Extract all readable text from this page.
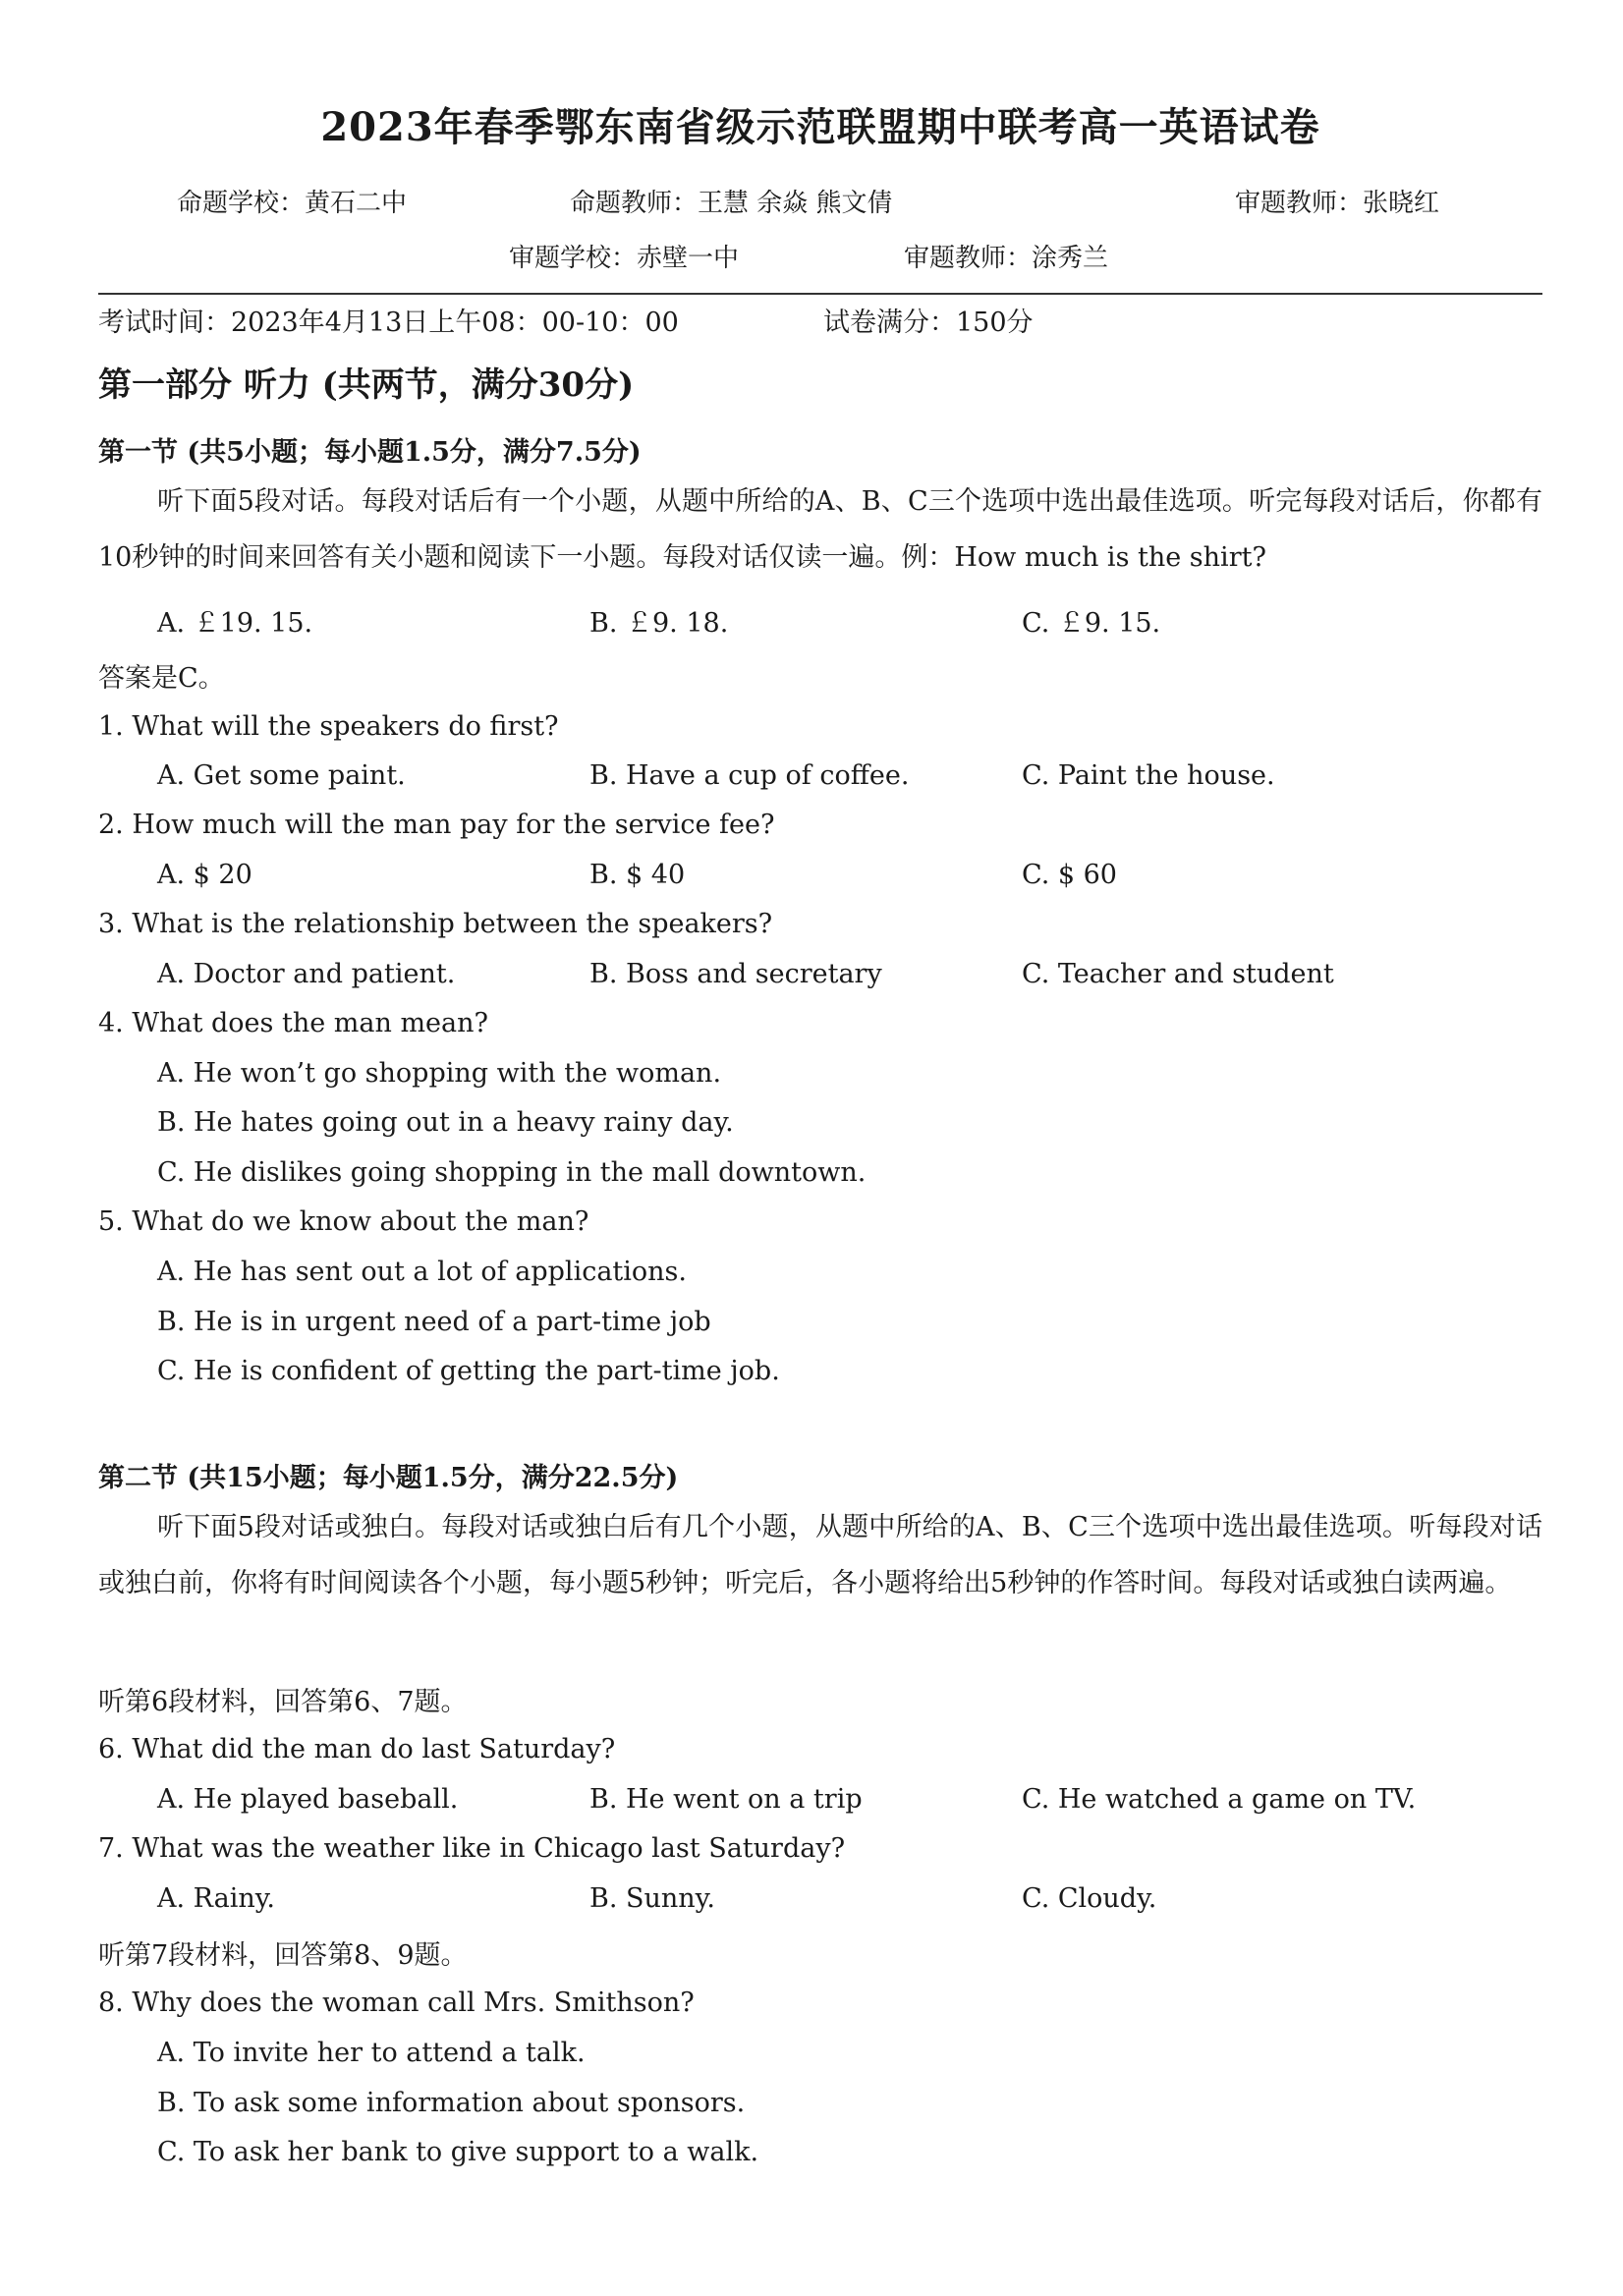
2023年春季鄂东南省级示范联盟期中联考高一英语试卷
命题学校：黄石二中	命题教师：王慧 余焱 熊文倩	审题教师：张晓红
审题学校：赤壁一中	审题教师：涂秀兰
考试时间：2023年4月13日上午08：00-10：00	试卷满分：150分
第一部分 听力 (共两节，满分30分)
第一节 (共5小题；每小题1.5分，满分7.5分)
听下面5段对话。每段对话后有一个小题，从题中所给的A、B、C三个选项中选出最佳选项。听完每段对话后，你都有10秒钟的时间来回答有关小题和阅读下一小题。每段对话仅读一遍。例：How much is the shirt?
A. ￡19. 15.	B. ￡9. 18.	C. ￡9. 15.
答案是C。
1. What will the speakers do first?
A. Get some paint.	B. Have a cup of coffee.	C. Paint the house.
2. How much will the man pay for the service fee?
A. $ 20	B. $ 40	C. $ 60
3. What is the relationship between the speakers?
A. Doctor and patient.	B. Boss and secretary	C. Teacher and student
4. What does the man mean?
A. He won’t go shopping with the woman.
B. He hates going out in a heavy rainy day.
C. He dislikes going shopping in the mall downtown.
5. What do we know about the man?
A. He has sent out a lot of applications.
B. He is in urgent need of a part-time job
C. He is confident of getting the part-time job.
第二节 (共15小题；每小题1.5分，满分22.5分)
听下面5段对话或独白。每段对话或独白后有几个小题，从题中所给的A、B、C三个选项中选出最佳选项。听每段对话或独白前，你将有时间阅读各个小题，每小题5秒钟；听完后，各小题将给出5秒钟的作答时间。每段对话或独白读两遍。
听第6段材料，回答第6、7题。
6. What did the man do last Saturday?
A. He played baseball.	B. He went on a trip	C. He watched a game on TV.
7. What was the weather like in Chicago last Saturday?
A. Rainy.	B. Sunny.	C. Cloudy.
听第7段材料，回答第8、9题。
8. Why does the woman call Mrs. Smithson?
A. To invite her to attend a talk.
B. To ask some information about sponsors.
C. To ask her bank to give support to a walk.
